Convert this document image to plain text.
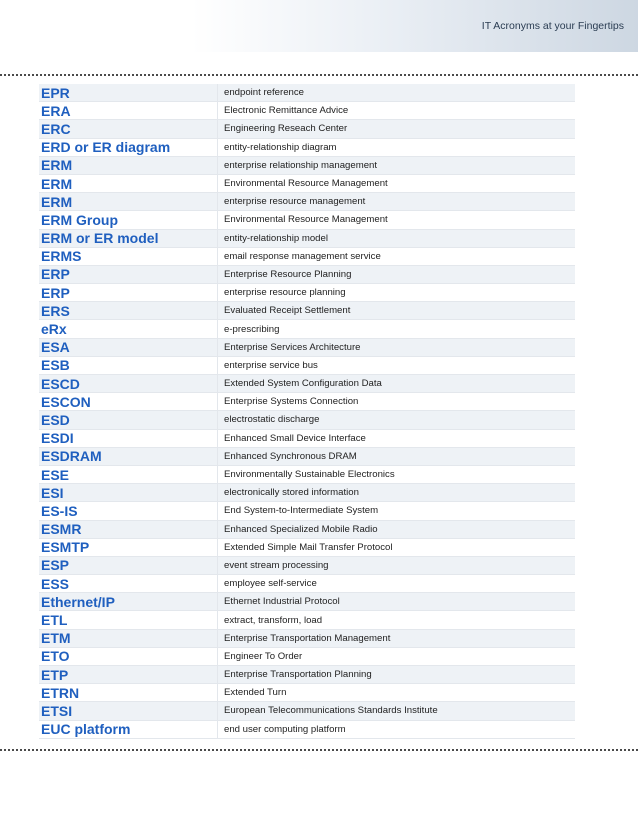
IT Acronyms at your Fingertips
EPR	endpoint reference
ERA	Electronic Remittance Advice
ERC	Engineering Reseach Center
ERD or ER diagram	entity-relationship diagram
ERM	enterprise relationship management
ERM	Environmental Resource Management
ERM	enterprise resource management
ERM Group	Environmental Resource Management
ERM or ER model	entity-relationship model
ERMS	email response management service
ERP	Enterprise Resource Planning
ERP	enterprise resource planning
ERS	Evaluated Receipt Settlement
eRx	e-prescribing
ESA	Enterprise Services Architecture
ESB	enterprise service bus
ESCD	Extended System Configuration Data
ESCON	Enterprise Systems Connection
ESD	electrostatic discharge
ESDI	Enhanced Small Device Interface
ESDRAM	Enhanced Synchronous DRAM
ESE	Environmentally Sustainable Electronics
ESI	electronically stored information
ES-IS	End System-to-Intermediate System
ESMR	Enhanced Specialized Mobile Radio
ESMTP	Extended Simple Mail Transfer Protocol
ESP	event stream processing
ESS	employee self-service
Ethernet/IP	Ethernet Industrial Protocol
ETL	extract, transform, load
ETM	Enterprise Transportation Management
ETO	Engineer To Order
ETP	Enterprise Transportation Planning
ETRN	Extended Turn
ETSI	European Telecommunications Standards Institute
EUC platform	end user computing platform
